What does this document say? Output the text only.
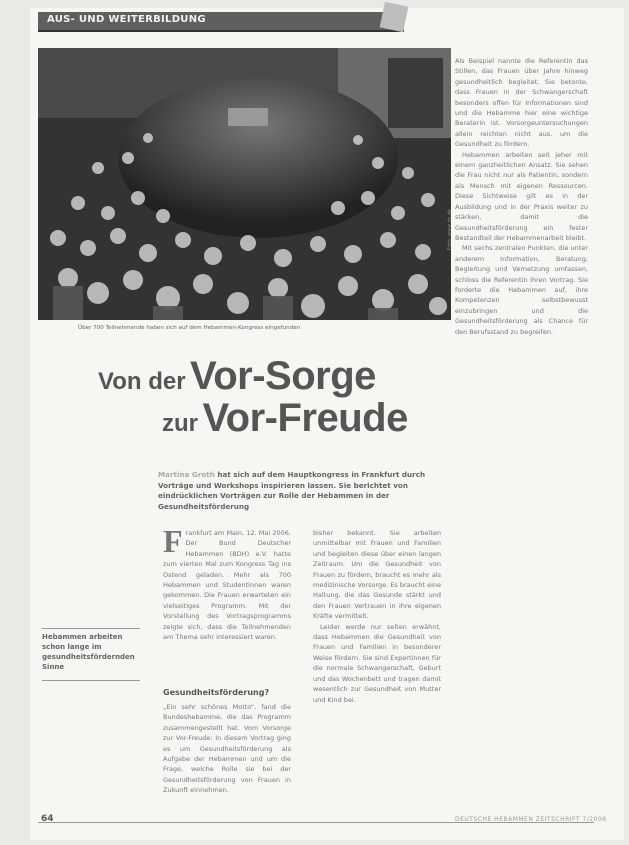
AUS- UND WEITERBILDUNG
Foto: www.zb.de
Über 700 Teilnehmende haben sich auf dem Hebammen-Kongress eingefunden
Von der Vor-Sorge
zur Vor-Freude
Martina Groth hat sich auf dem Hauptkongress in Frankfurt durch Vorträge und Workshops inspirieren lassen. Sie berichtet von eindrücklichen Vorträgen zur Rolle der Hebammen in der Gesundheitsförderung
Hebammen arbeiten schon lange im gesundheitsfördernden Sinne

Frankfurt am Main, 12. Mai 2006. Der Bund Deutscher Hebammen (BDH) e.V. hatte zum vierten Mal zum Kongress Tag ins Ostend geladen. Mehr als 700 Hebammen und Studentinnen waren gekommen. Die Frauen erwarteten ein vielseitiges Programm. Mit der Vorstellung des Vortragsprogramms zeigte sich, dass die Teilnehmenden am Thema sehr interessiert waren.

Gesundheitsförderung?

„Ein sehr schönes Motto“, fand die Bundeshebamme, die das Programm zusammengestellt hat. Vom Vorsorge zur Vor-Freude: In diesem Vortrag ging es um Gesundheitsförderung als Aufgabe der Hebammen und um die Frage, welche Rolle sie bei der Gesundheitsförderung von Frauen in Zukunft einnehmen.

bisher bekannt. Sie arbeiten unmittelbar mit Frauen und Familien und begleiten diese über einen langen Zeitraum. Um die Gesundheit von Frauen zu fördern, braucht es mehr als medizinische Vorsorge. Es braucht eine Haltung, die das Gesunde stärkt und den Frauen Vertrauen in ihre eigenen Kräfte vermittelt.

Leider werde nur selten erwähnt, dass Hebammen die Gesundheit von Frauen und Familien in besonderer Weise fördern. Sie sind Expertinnen für die normale Schwangerschaft, Geburt und das Wochenbett und tragen damit wesentlich zur Gesundheit von Mutter und Kind bei.

Als Beispiel nannte die Referentin das Stillen, das Frauen über Jahre hinweg gesundheitlich begleitet. Sie betonte, dass Frauen in der Schwangerschaft besonders offen für Informationen sind und die Hebamme hier eine wichtige Beraterin ist. Vorsorgeuntersuchungen allein reichten nicht aus, um die Gesundheit zu fördern.

Hebammen arbeiten seit jeher mit einem ganzheitlichen Ansatz. Sie sehen die Frau nicht nur als Patientin, sondern als Mensch mit eigenen Ressourcen. Diese Sichtweise gilt es in der Ausbildung und in der Praxis weiter zu stärken, damit die Gesundheitsförderung ein fester Bestandteil der Hebammenarbeit bleibt.

Mit sechs zentralen Punkten, die unter anderem Information, Beratung, Begleitung und Vernetzung umfassen, schloss die Referentin ihren Vortrag. Sie forderte die Hebammen auf, ihre Kompetenzen selbstbewusst einzubringen und die Gesundheitsförderung als Chance für den Berufsstand zu begreifen.

64	DEUTSCHE HEBAMMEN ZEITSCHRIFT 7/2006
